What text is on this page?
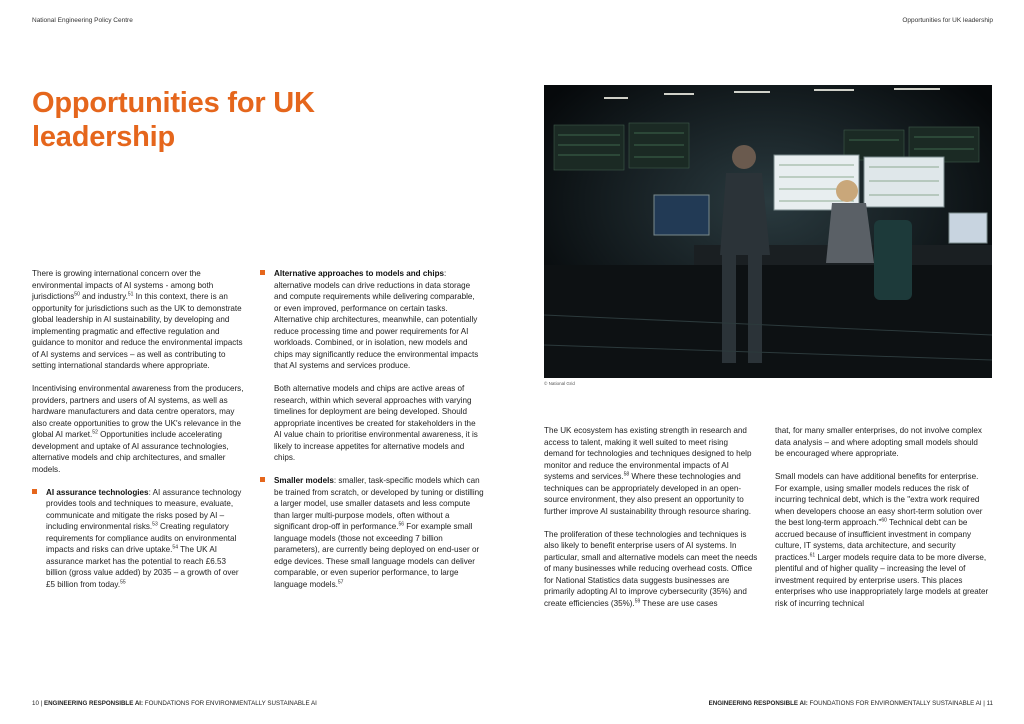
National Engineering Policy Centre	Opportunities for UK leadership
Opportunities for UK leadership

There is growing international concern over the environmental impacts of AI systems - among both jurisdictions$^{50}$ and industry.$^{51}$ In this context, there is an opportunity for jurisdictions such as the UK to demonstrate global leadership in AI sustainability, by developing and implementing pragmatic and effective regulation and guidance to monitor and reduce the environmental impacts of AI systems and services – as well as contributing to setting international standards where appropriate.

Incentivising environmental awareness from the producers, providers, partners and users of AI systems, as well as hardware manufacturers and data centre operators, may also create opportunities to grow the UK's relevance in the global AI market.$^{52}$ Opportunities include accelerating development and uptake of AI assurance technologies, alternative models and chip architectures, and smaller models.

AI assurance technologies: AI assurance technology provides tools and techniques to measure, evaluate, communicate and mitigate the risks posed by AI – including environmental risks.$^{53}$ Creating regulatory requirements for compliance audits on environmental impacts and risks can drive uptake.$^{54}$ The UK AI assurance market has the potential to reach £6.53 billion (gross value added) by 2035 – a growth of over £5 billion from today.$^{55}$
Alternative approaches to models and chips: alternative models can drive reductions in data storage and compute requirements while delivering comparable, or even improved, performance on certain tasks. Alternative chip architectures, meanwhile, can potentially reduce processing time and power requirements for AI workloads. Combined, or in isolation, new models and chips may significantly reduce the environmental impacts that AI systems and services produce.

Both alternative models and chips are active areas of research, within which several approaches with varying timelines for deployment are being developed. Should appropriate incentives be created for stakeholders in the AI value chain to prioritise environmental awareness, it is likely to increase appetites for alternative models and chips.

Smaller models: smaller, task-specific models which can be trained from scratch, or developed by tuning or distilling a larger model, use smaller datasets and less compute than larger multi-purpose models, often without a significant drop-off in performance.$^{56}$ For example small language models (those not exceeding 7 billion parameters), are currently being deployed on end-user or edge devices. These small language models can deliver comparable, or even superior performance, to large language models.$^{57}$
© National Grid

The UK ecosystem has existing strength in research and access to talent, making it well suited to meet rising demand for technologies and techniques designed to help monitor and reduce the environmental impacts of AI systems and services.$^{58}$ Where these technologies and techniques can be appropriately developed in an open-source environment, they also present an opportunity to further improve AI sustainability through resource sharing.

The proliferation of these technologies and techniques is also likely to benefit enterprise users of AI systems. In particular, small and alternative models can meet the needs of many businesses while reducing overhead costs. Office for National Statistics data suggests businesses are primarily adopting AI to improve cybersecurity (35%) and create efficiencies (35%).$^{59}$ These are use cases

that, for many smaller enterprises, do not involve complex data analysis – and where adopting small models should be encouraged where appropriate.

Small models can have additional benefits for enterprise. For example, using smaller models reduces the risk of incurring technical debt, which is the "extra work required when developers choose an easy short-term solution over the best long-term approach."$^{60}$ Technical debt can be accrued because of insufficient investment in company culture, IT systems, data architecture, and security practices.$^{61}$ Larger models require data to be more diverse, plentiful and of higher quality – increasing the level of investment required by enterprise users. This places enterprises who use inappropriately large models at greater risk of incurring technical

10 | ENGINEERING RESPONSIBLE AI: FOUNDATIONS FOR ENVIRONMENTALLY SUSTAINABLE AI	ENGINEERING RESPONSIBLE AI: FOUNDATIONS FOR ENVIRONMENTALLY SUSTAINABLE AI | 11
